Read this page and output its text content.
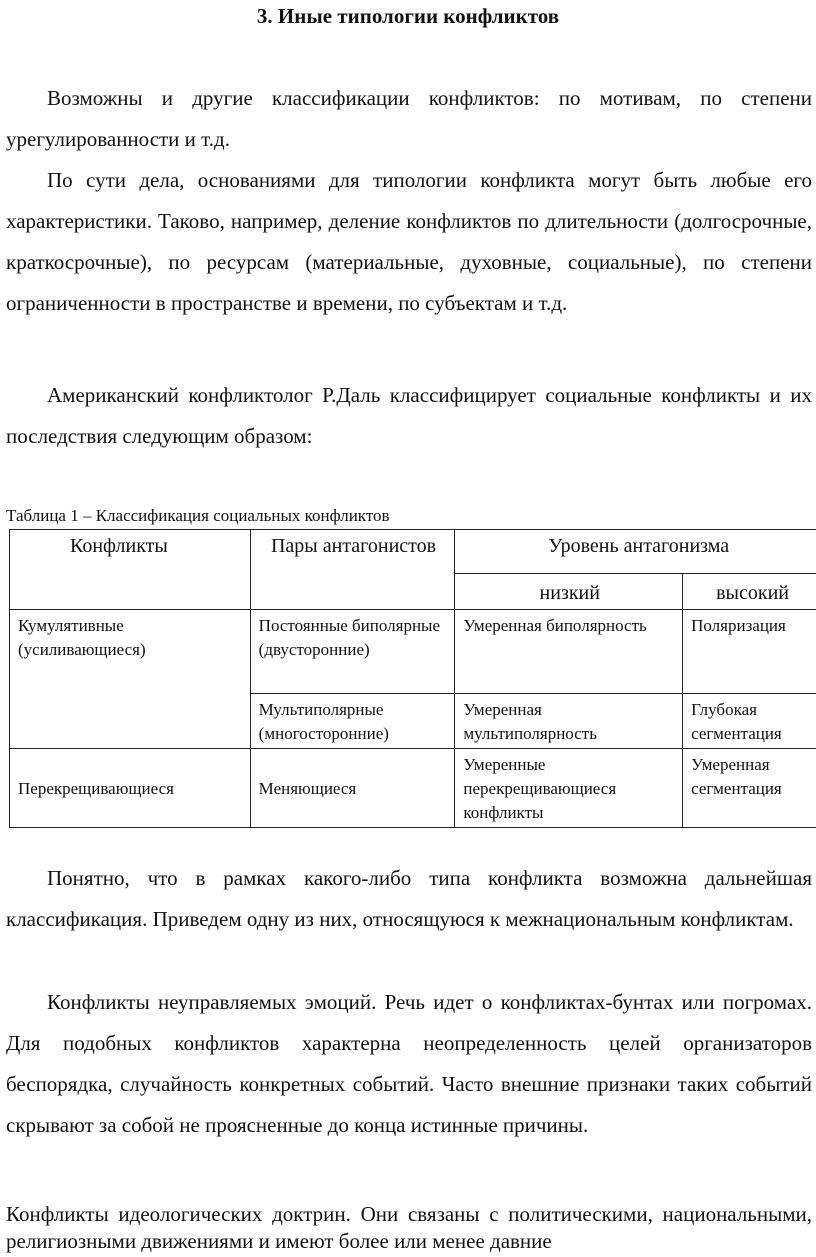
3. Иные типологии конфликтов

Возможны и другие классификации конфликтов: по мотивам, по степени урегулированности и т.д.

По сути дела, основаниями для типологии конфликта могут быть любые его характеристики. Таково, например, деление конфликтов по длительности (долгосрочные, краткосрочные), по ресурсам (материальные, духовные, социальные), по степени ограниченности в пространстве и времени, по субъектам и т.д.

Американский конфликтолог Р.Даль классифицирует социальные конфликты и их последствия следующим образом:

Таблица 1 – Классификация социальных конфликтов
Конфликты	Пары антагонистов	Уровень антагонизма	
		низкий	высокий
Кумулятивные (усиливающиеся)	Постоянные биполярные (двусторонние)	Умеренная биполярность	Поляризация
	Мультиполярные (многосторонние)	Умеренная мультиполярность	Глубокая сегментация
Перекрещивающиеся	Меняющиеся	Умеренные перекрещивающиеся конфликты	Умеренная сегментация

Понятно, что в рамках какого-либо типа конфликта возможна дальнейшая классификация. Приведем одну из них, относящуюся к межнациональным конфликтам.

Конфликты неуправляемых эмоций. Речь идет о конфликтах-бунтах или погромах. Для подобных конфликтов характерна неопределенность целей организаторов беспорядка, случайность конкретных событий. Часто внешние признаки таких событий скрывают за собой не проясненные до конца истинные причины.

Конфликты идеологических доктрин. Они связаны с политическими, национальными, религиозными движениями и имеют более или менее давние
